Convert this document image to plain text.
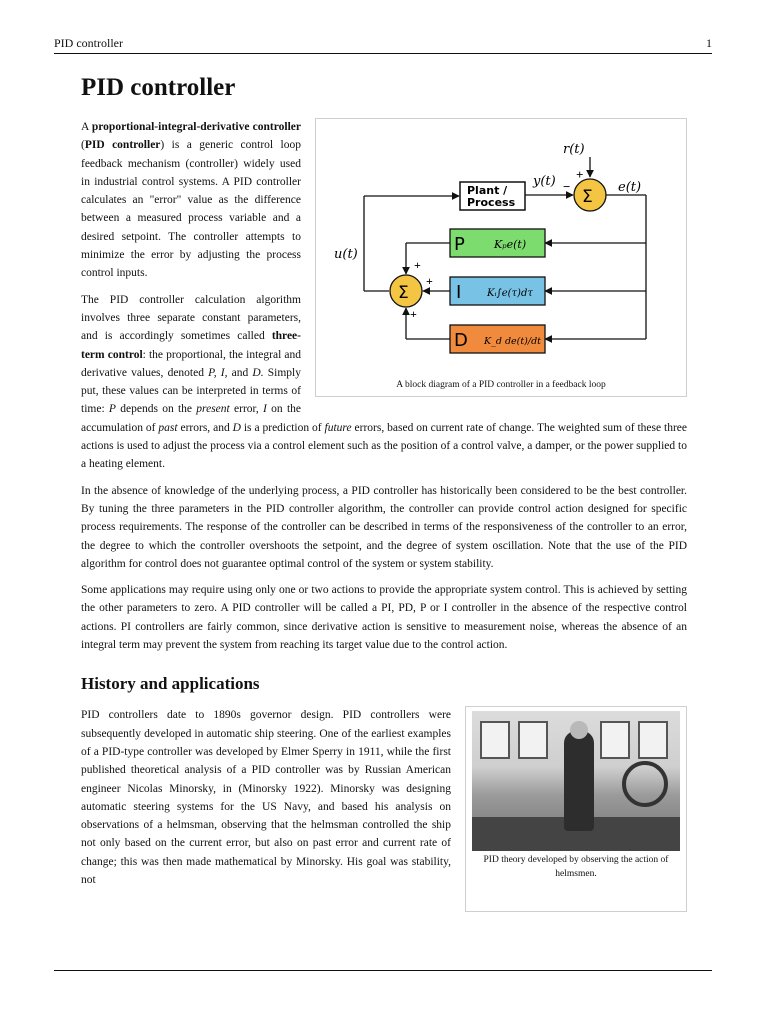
PID controller	1
PID controller
r(t)
+
Σ
−
y(t)
Plant /
Process
e(t)
P	Kₚe(t)
I	Kᵢ∫e(τ)dτ
D K_d de(t)/dt
Σ
+
+
+
u(t)
A block diagram of a PID controller in a feedback loop

A proportional-integral-derivative controller (PID controller) is a generic control loop feedback mechanism (controller) widely used in industrial control systems. A PID controller calculates an "error" value as the difference between a measured process variable and a desired setpoint. The controller attempts to minimize the error by adjusting the process control inputs.

The PID controller calculation algorithm involves three separate constant parameters, and is accordingly sometimes called three-term control: the proportional, the integral and derivative values, denoted P, I, and D. Simply put, these values can be interpreted in terms of time: P depends on the present error, I on the accumulation of past errors, and D is a prediction of future errors, based on current rate of change. The weighted sum of these three actions is used to adjust the process via a control element such as the position of a control valve, a damper, or the power supplied to a heating element.

In the absence of knowledge of the underlying process, a PID controller has historically been considered to be the best controller. By tuning the three parameters in the PID controller algorithm, the controller can provide control action designed for specific process requirements. The response of the controller can be described in terms of the responsiveness of the controller to an error, the degree to which the controller overshoots the setpoint, and the degree of system oscillation. Note that the use of the PID algorithm for control does not guarantee optimal control of the system or system stability.

Some applications may require using only one or two actions to provide the appropriate system control. This is achieved by setting the other parameters to zero. A PID controller will be called a PI, PD, P or I controller in the absence of the respective control actions. PI controllers are fairly common, since derivative action is sensitive to measurement noise, whereas the absence of an integral term may prevent the system from reaching its target value due to the control action.

History and applications
PID theory developed by observing the action of helmsmen.

PID controllers date to 1890s governor design. PID controllers were subsequently developed in automatic ship steering. One of the earliest examples of a PID-type controller was developed by Elmer Sperry in 1911, while the first published theoretical analysis of a PID controller was by Russian American engineer Nicolas Minorsky, in (Minorsky 1922). Minorsky was designing automatic steering systems for the US Navy, and based his analysis on observations of a helmsman, observing that the helmsman controlled the ship not only based on the current error, but also on past error and current rate of change; this was then made mathematical by Minorsky. His goal was stability, not
